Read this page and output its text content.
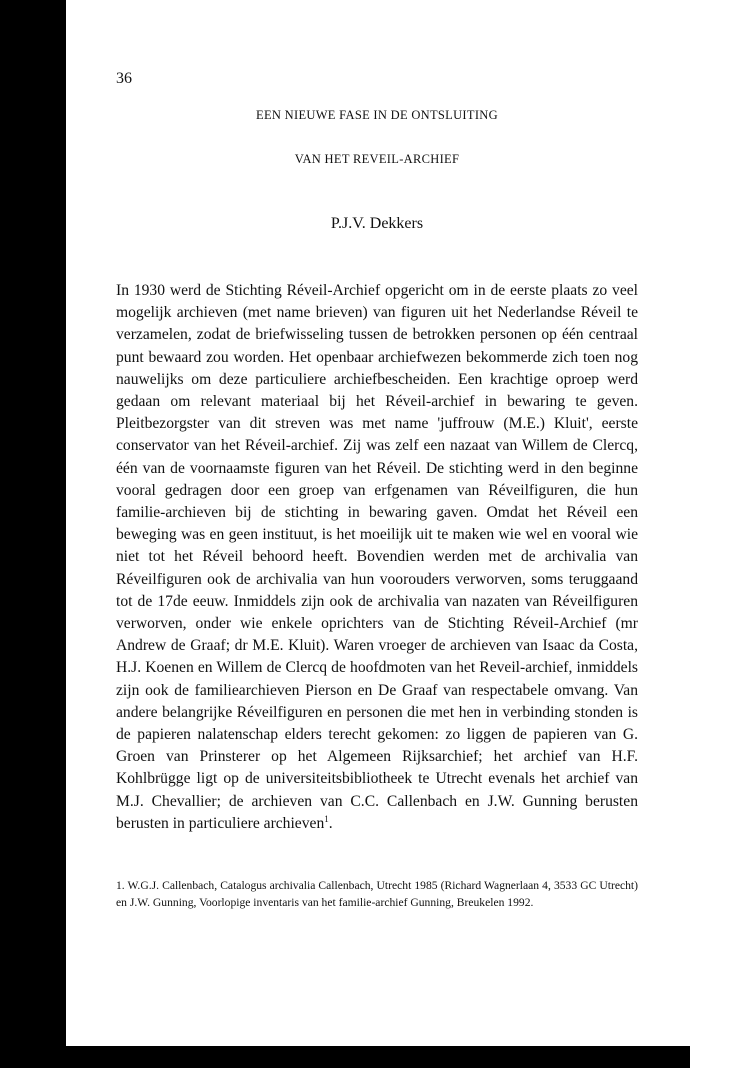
36
EEN NIEUWE FASE IN DE ONTSLUITING
VAN HET REVEIL-ARCHIEF
P.J.V. Dekkers

In 1930 werd de Stichting Réveil-Archief opgericht om in de eerste plaats zo veel mogelijk archieven (met name brieven) van figuren uit het Nederlandse Réveil te verzamelen, zodat de briefwisseling tussen de betrokken personen op één centraal punt bewaard zou worden. Het openbaar archiefwezen bekommerde zich toen nog nauwelijks om deze particuliere archiefbescheiden. Een krachtige oproep werd gedaan om relevant materiaal bij het Réveil-archief in bewaring te geven. Pleitbezorgster van dit streven was met name 'juffrouw (M.E.) Kluit', eerste conservator van het Réveil-archief. Zij was zelf een nazaat van Willem de Clercq, één van de voornaamste figuren van het Réveil. De stichting werd in den beginne vooral gedragen door een groep van erfgenamen van Réveilfiguren, die hun familie-archieven bij de stichting in bewaring gaven. Omdat het Réveil een beweging was en geen instituut, is het moeilijk uit te maken wie wel en vooral wie niet tot het Réveil behoord heeft. Bovendien werden met de archivalia van Réveilfiguren ook de archivalia van hun voorouders verworven, soms teruggaand tot de 17de eeuw. Inmiddels zijn ook de archivalia van nazaten van Réveilfiguren verworven, onder wie enkele oprichters van de Stichting Réveil-Archief (mr Andrew de Graaf; dr M.E. Kluit). Waren vroeger de archieven van Isaac da Costa, H.J. Koenen en Willem de Clercq de hoofdmoten van het Reveil-archief, inmiddels zijn ook de familiearchieven Pierson en De Graaf van respectabele omvang. Van andere belangrijke Réveilfiguren en personen die met hen in verbinding stonden is de papieren nalatenschap elders terecht gekomen: zo liggen de papieren van G. Groen van Prinsterer op het Algemeen Rijksarchief; het archief van H.F. Kohlbrügge ligt op de universiteitsbibliotheek te Utrecht evenals het archief van M.J. Chevallier; de archieven van C.C. Callenbach en J.W. Gunning berusten berusten in particuliere archieven$^1$.

1. W.G.J. Callenbach, Catalogus archivalia Callenbach, Utrecht 1985 (Richard Wagnerlaan 4, 3533 GC Utrecht) en J.W. Gunning, Voorlopige inventaris van het familie-archief Gunning, Breukelen 1992.
